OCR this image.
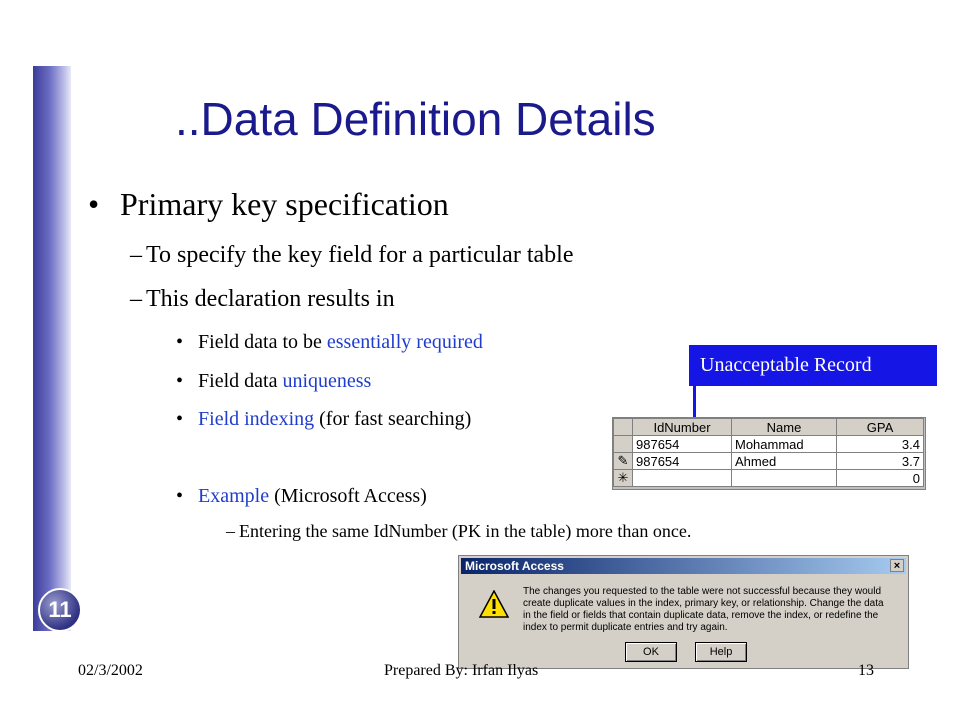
11
..Data Definition Details
• Primary key specification
– To specify the key field for a particular table
– This declaration results in
• Field data to be essentially required
• Field data uniqueness
• Field indexing (for fast searching)
• Example (Microsoft Access)
– Entering the same IdNumber (PK in the table) more than once.
Unacceptable Record
	IdNumber	Name	GPA
	987654	Mohammad	3.4
✎	987654	Ahmed	3.7
✳			0
Microsoft Access	×
The changes you requested to the table were not successful because they would create duplicate values in the index, primary key, or relationship. Change the data in the field or fields that contain duplicate data, remove the index, or redefine the index to permit duplicate entries and try again.
OK	Help
02/3/2002	Prepared By: Irfan Ilyas	13
